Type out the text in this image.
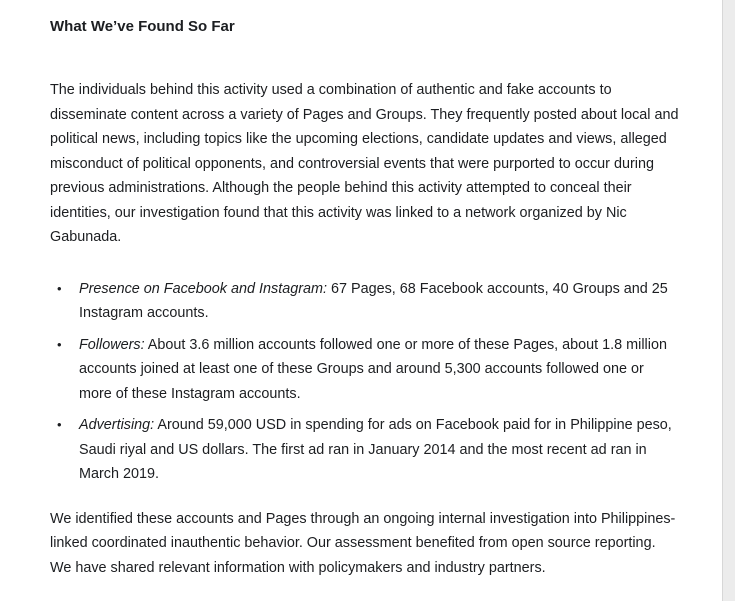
What We’ve Found So Far

The individuals behind this activity used a combination of authentic and fake accounts to disseminate content across a variety of Pages and Groups. They frequently posted about local and political news, including topics like the upcoming elections, candidate updates and views, alleged misconduct of political opponents, and controversial events that were purported to occur during previous administrations. Although the people behind this activity attempted to conceal their identities, our investigation found that this activity was linked to a network organized by Nic Gabunada.

• Presence on Facebook and Instagram: 67 Pages, 68 Facebook accounts, 40 Groups and 25 Instagram accounts.
• Followers: About 3.6 million accounts followed one or more of these Pages, about 1.8 million accounts joined at least one of these Groups and around 5,300 accounts followed one or more of these Instagram accounts.
• Advertising: Around 59,000 USD in spending for ads on Facebook paid for in Philippine peso, Saudi riyal and US dollars. The first ad ran in January 2014 and the most recent ad ran in March 2019.

We identified these accounts and Pages through an ongoing internal investigation into Philippines-linked coordinated inauthentic behavior. Our assessment benefited from open source reporting. We have shared relevant information with policymakers and industry partners.
